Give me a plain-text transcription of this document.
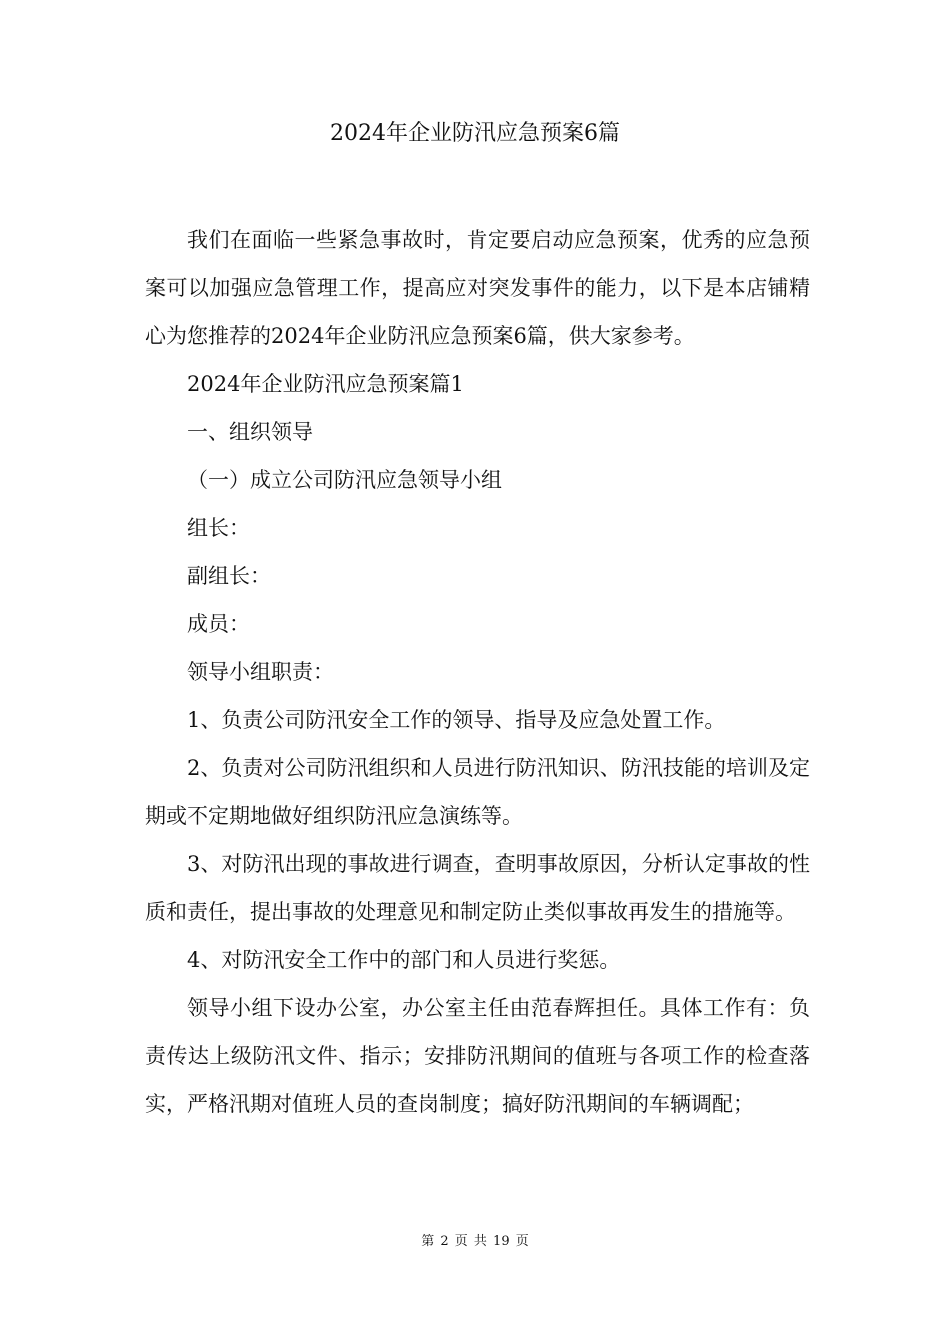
2024年企业防汛应急预案6篇

我们在面临一些紧急事故时，肯定要启动应急预案，优秀的应急预案可以加强应急管理工作，提高应对突发事件的能力，以下是本店铺精心为您推荐的2024年企业防汛应急预案6篇，供大家参考。

2024年企业防汛应急预案篇1

一、组织领导

（一）成立公司防汛应急领导小组

组长：

副组长：

成员：

领导小组职责：

1、负责公司防汛安全工作的领导、指导及应急处置工作。

2、负责对公司防汛组织和人员进行防汛知识、防汛技能的培训及定期或不定期地做好组织防汛应急演练等。

3、对防汛出现的事故进行调查，查明事故原因，分析认定事故的性质和责任，提出事故的处理意见和制定防止类似事故再发生的措施等。

4、对防汛安全工作中的部门和人员进行奖惩。

领导小组下设办公室，办公室主任由范春辉担任。具体工作有：负责传达上级防汛文件、指示；安排防汛期间的值班与各项工作的检查落实，严格汛期对值班人员的查岗制度；搞好防汛期间的车辆调配；

第 2 页 共 19 页
